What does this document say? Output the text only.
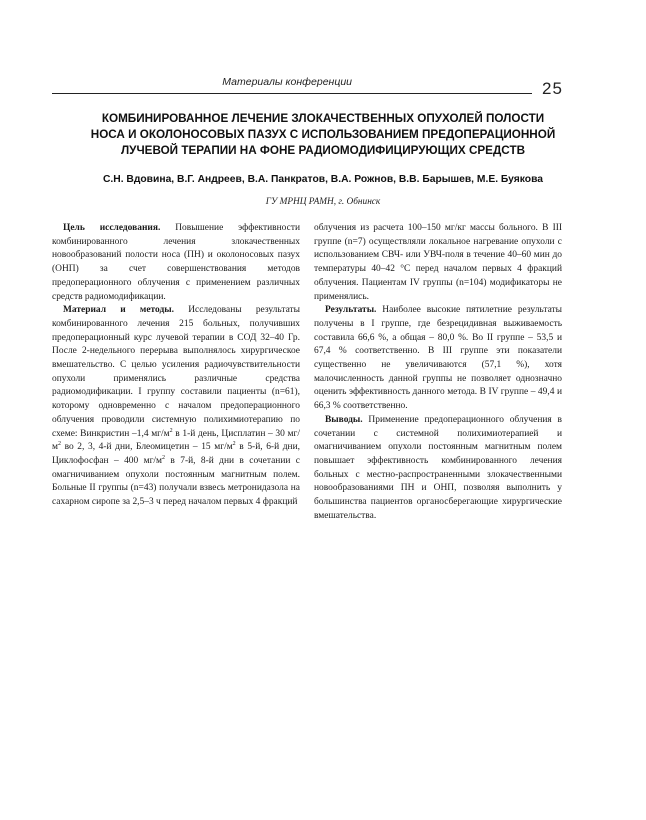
Материалы конференции	25
КОМБИНИРОВАННОЕ ЛЕЧЕНИЕ ЗЛОКАЧЕСТВЕННЫХ ОПУХОЛЕЙ ПОЛОСТИ
НОСА И ОКОЛОНОСОВЫХ ПАЗУХ С ИСПОЛЬЗОВАНИЕМ ПРЕДОПЕРАЦИОННОЙ
ЛУЧЕВОЙ ТЕРАПИИ НА ФОНЕ РАДИОМОДИФИЦИРУЮЩИХ СРЕДСТВ
С.Н. Вдовина, В.Г. Андреев, В.А. Панкратов, В.А. Рожнов, В.В. Барышев, М.Е. Буякова
ГУ МРНЦ РАМН, г. Обнинск

Цель исследования. Повышение эффективности комбинированного лечения злокачественных новообразований полости носа (ПН) и околоносовых пазух (ОНП) за счет совершенствования методов предоперационного облучения с применением различных средств радиомодификации.

Материал и методы. Исследованы результаты комбинированного лечения 215 больных, получивших предоперационный курс лучевой терапии в СОД 32–40 Гр. После 2-недельного перерыва выполнялось хирургическое вмешательство. С целью усиления радиочувствительности опухоли применялись различные средства радиомодификации. I группу составили пациенты (n=61), которому одновременно с началом предоперационного облучения проводили системную полихимиотерапию по схеме: Винкристин –1,4 $мг/м^2$ в 1-й день, Цисплатин – 30 $мг/м^2$ во 2, 3, 4-й дни, Блеомицетин – 15 $мг/м^2$ в 5-й, 6-й дни, Циклофосфан – 400 $мг/м^2$ в 7-й, 8-й дни в сочетании с омагничиванием опухоли постоянным магнитным полем. Больные II группы (n=43) получали взвесь метронидазола на сахарном сиропе за 2,5–3 ч перед началом первых 4 фракций

облучения из расчета 100–150 мг/кг массы больного. В III группе (n=7) осуществляли локальное нагревание опухоли с использованием СВЧ- или УВЧ-поля в течение 40–60 мин до температуры 40–42 °С перед началом первых 4 фракций облучения. Пациентам IV группы (n=104) модификаторы не применялись.

Результаты. Наиболее высокие пятилетние результаты получены в I группе, где безрецидивная выживаемость составила 66,6 %, а общая – 80,0 %. Во II группе – 53,5 и 67,4 % соответственно. В III группе эти показатели существенно не увеличиваются (57,1 %), хотя малочисленность данной группы не позволяет однозначно оценить эффективность данного метода. В IV группе – 49,4 и 66,3 % соответственно.

Выводы. Применение предоперационного облучения в сочетании с системной полихимиотерапией и омагничиванием опухоли постоянным магнитным полем повышает эффективность комбинированного лечения больных с местно-распространенными злокачественными новообразованиями ПН и ОНП, позволяя выполнить у большинства пациентов органосберегающие хирургические вмешательства.
